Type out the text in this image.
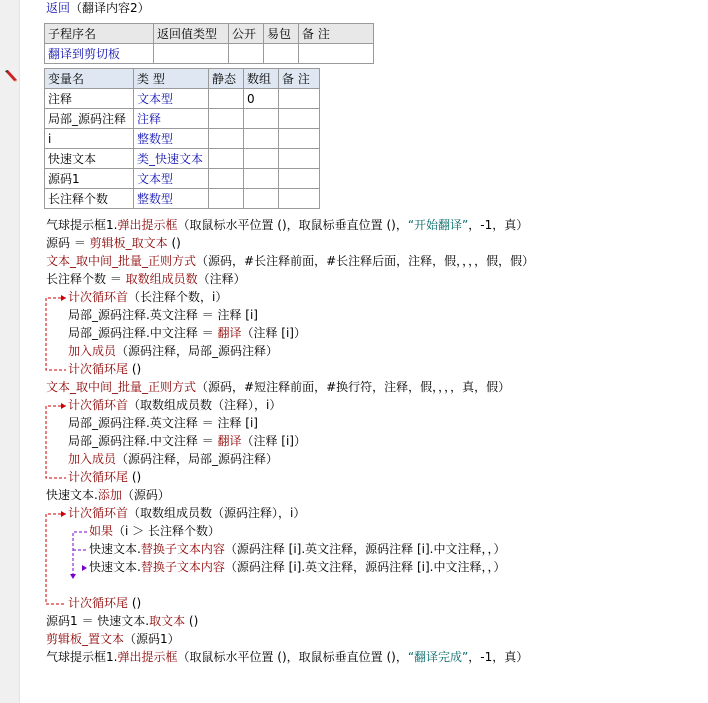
返回（翻译内容2）
子程序名	返回值类型	公开	易包	备 注
翻译到剪切板				
变量名	类 型	静态	数组	备 注
注释	文本型		0	
局部_源码注释	注释			
i	整数型			
快速文本	类_快速文本			
源码1	文本型			
长注释个数	整数型			
气球提示框1.弹出提示框（取鼠标水平位置 ()，取鼠标垂直位置 ()，“开始翻译”，-1，真）
源码 ＝ 剪辑板_取文本 ()
文本_取中间_批量_正则方式（源码，#长注释前面，#长注释后面，注释，假，，，，假，假）
长注释个数 ＝ 取数组成员数（注释）
计次循环首（长注释个数，i）
局部_源码注释.英文注释 ＝ 注释 [i]
局部_源码注释.中文注释 ＝ 翻译（注释 [i]）
加入成员（源码注释，局部_源码注释）
计次循环尾 ()
文本_取中间_批量_正则方式（源码，#短注释前面，#换行符，注释，假，，，，真，假）
计次循环首（取数组成员数（注释），i）
局部_源码注释.英文注释 ＝ 注释 [i]
局部_源码注释.中文注释 ＝ 翻译（注释 [i]）
加入成员（源码注释，局部_源码注释）
计次循环尾 ()
快速文本.添加（源码）
计次循环首（取数组成员数（源码注释），i）
如果（i ＞ 长注释个数）
快速文本.替换子文本内容（源码注释 [i].英文注释，源码注释 [i].中文注释，，）
快速文本.替换子文本内容（源码注释 [i].英文注释，源码注释 [i].中文注释，，）
计次循环尾 ()
源码1 ＝ 快速文本.取文本 ()
剪辑板_置文本（源码1）
气球提示框1.弹出提示框（取鼠标水平位置 ()，取鼠标垂直位置 ()，“翻译完成”，-1，真）
